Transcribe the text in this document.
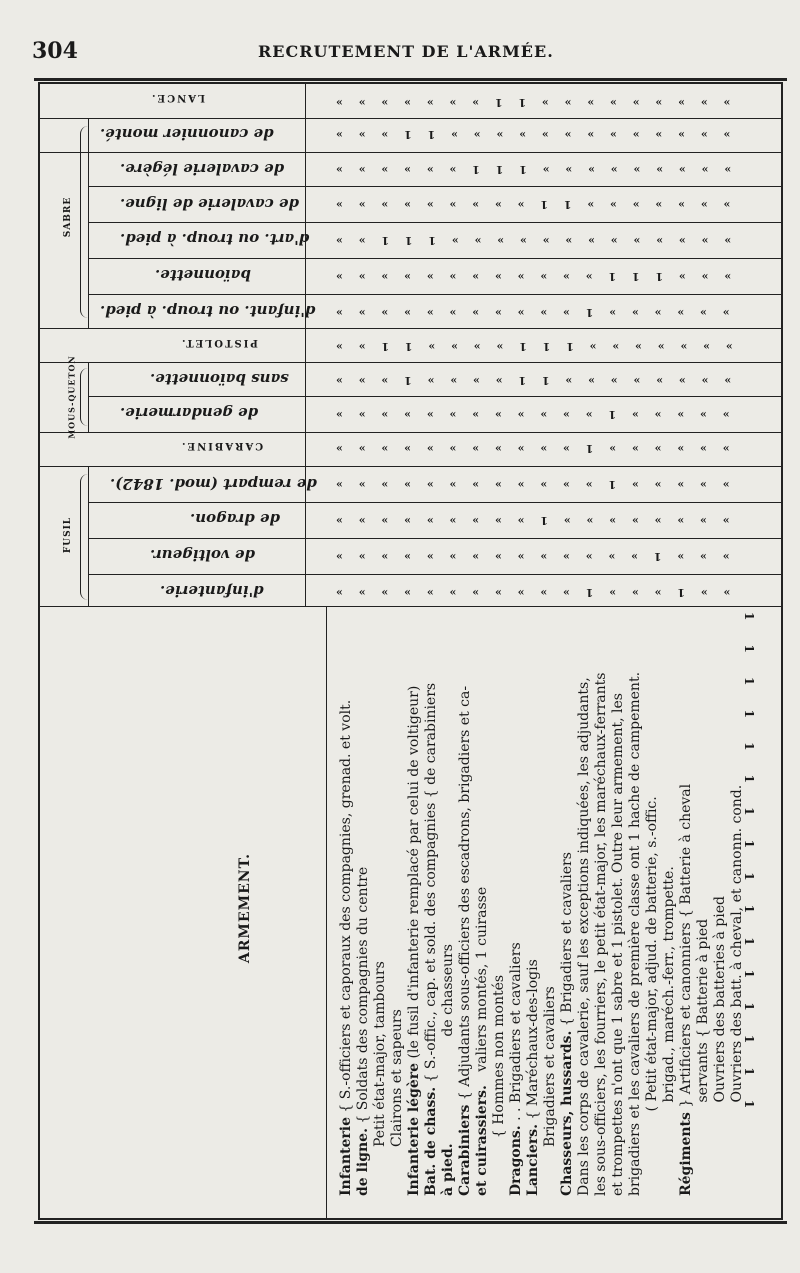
304	RECRUTEMENT DE L'ARMÉE.
LANCE.
de canonnier monté.
de cavalerie légère.
de cavalerie de ligne.
d'art. ou troup. à pied.
baïonnette.
d'infant. ou troup. à pied.
PISTOLET.
sans baïonnette.
de gendarmerie.
CARABINE.
de rempart (mod. 1842).
de dragon.
de voltigeur.
d'infanterie.
SABRE
MOUS-QUETON
FUSIL
» » » » » » » » » 1 1 » » » » » » »
» » » » » » » » » » » » » 1 1 » » »
» » » » » » » » » 1 1 1 » » » » » »
» » » » » » » 1 1 » » » » » » » » »
» » » » » » » » » » » » » 1 1 1 » »
» » » 1 1 1 » » » » » » » » » » » »
» » » » » » 1 » » » » » » » » » » »
» » » » » » » 1 1 1 » » » » 1 1 » »
» » » » » » » » 1 1 » » » » 1 » » »
» » » » » 1 » » » » » » » » » » » »
» » » » » » 1 » » » » » » » » » » »
» » » » » 1 » » » » » » » » » » » »
» » » » » » » » 1 » » » » » » » » »
» » » 1 » » » » » » » » » » » » » »
» » 1 » » » 1 » » » » » » » » » » »
ARMEMENT.
Infanterie { S.-officiers et caporaux des compagnies, grenad. et volt.
de ligne. { Soldats des compagnies du centre Petit état-major, tambours Clairons et sapeurs Infanterie légère (le fusil d'infanterie remplacé par celui de voltigeur)
Bat. de chass. { S.-offic., cap. et sold. des compagnies { de carabiniers
à pied.                        de chasseurs
Carabiniers { Adjudants sous-officiers des escadrons, brigadiers et ca-
et cuirassiers.   valiers montés, 1 cuirasse
{ Hommes non montés
Dragons. . . Brigadiers et cavaliers
Lanciers. { Maréchaux-des-logis Brigadiers et cavaliers Chasseurs, hussards. { Brigadiers et cavaliers Dans les corps de cavalerie, sauf les exceptions indiquées, les adjudants, les sous-officiers, les fourriers, le petit état-major, les maréchaux-ferrants et trompettes n'ont que 1 sabre et 1 pistolet. Outre leur armement, les brigadiers et les cavaliers de première classe ont 1 hache de campement. ( Petit état-major, adjud. de batterie, s.-offic. brigad., maréch.-ferr., trompette.
Régiments } Artificiers et canonniers { Batterie à cheval servants { Batterie à pied Ouvriers des batteries à pied Ouvriers des batt. à cheval, et canonn. cond.
1 1 1 1 1 1 1 1 1 1 1 1 1 1 1 1
